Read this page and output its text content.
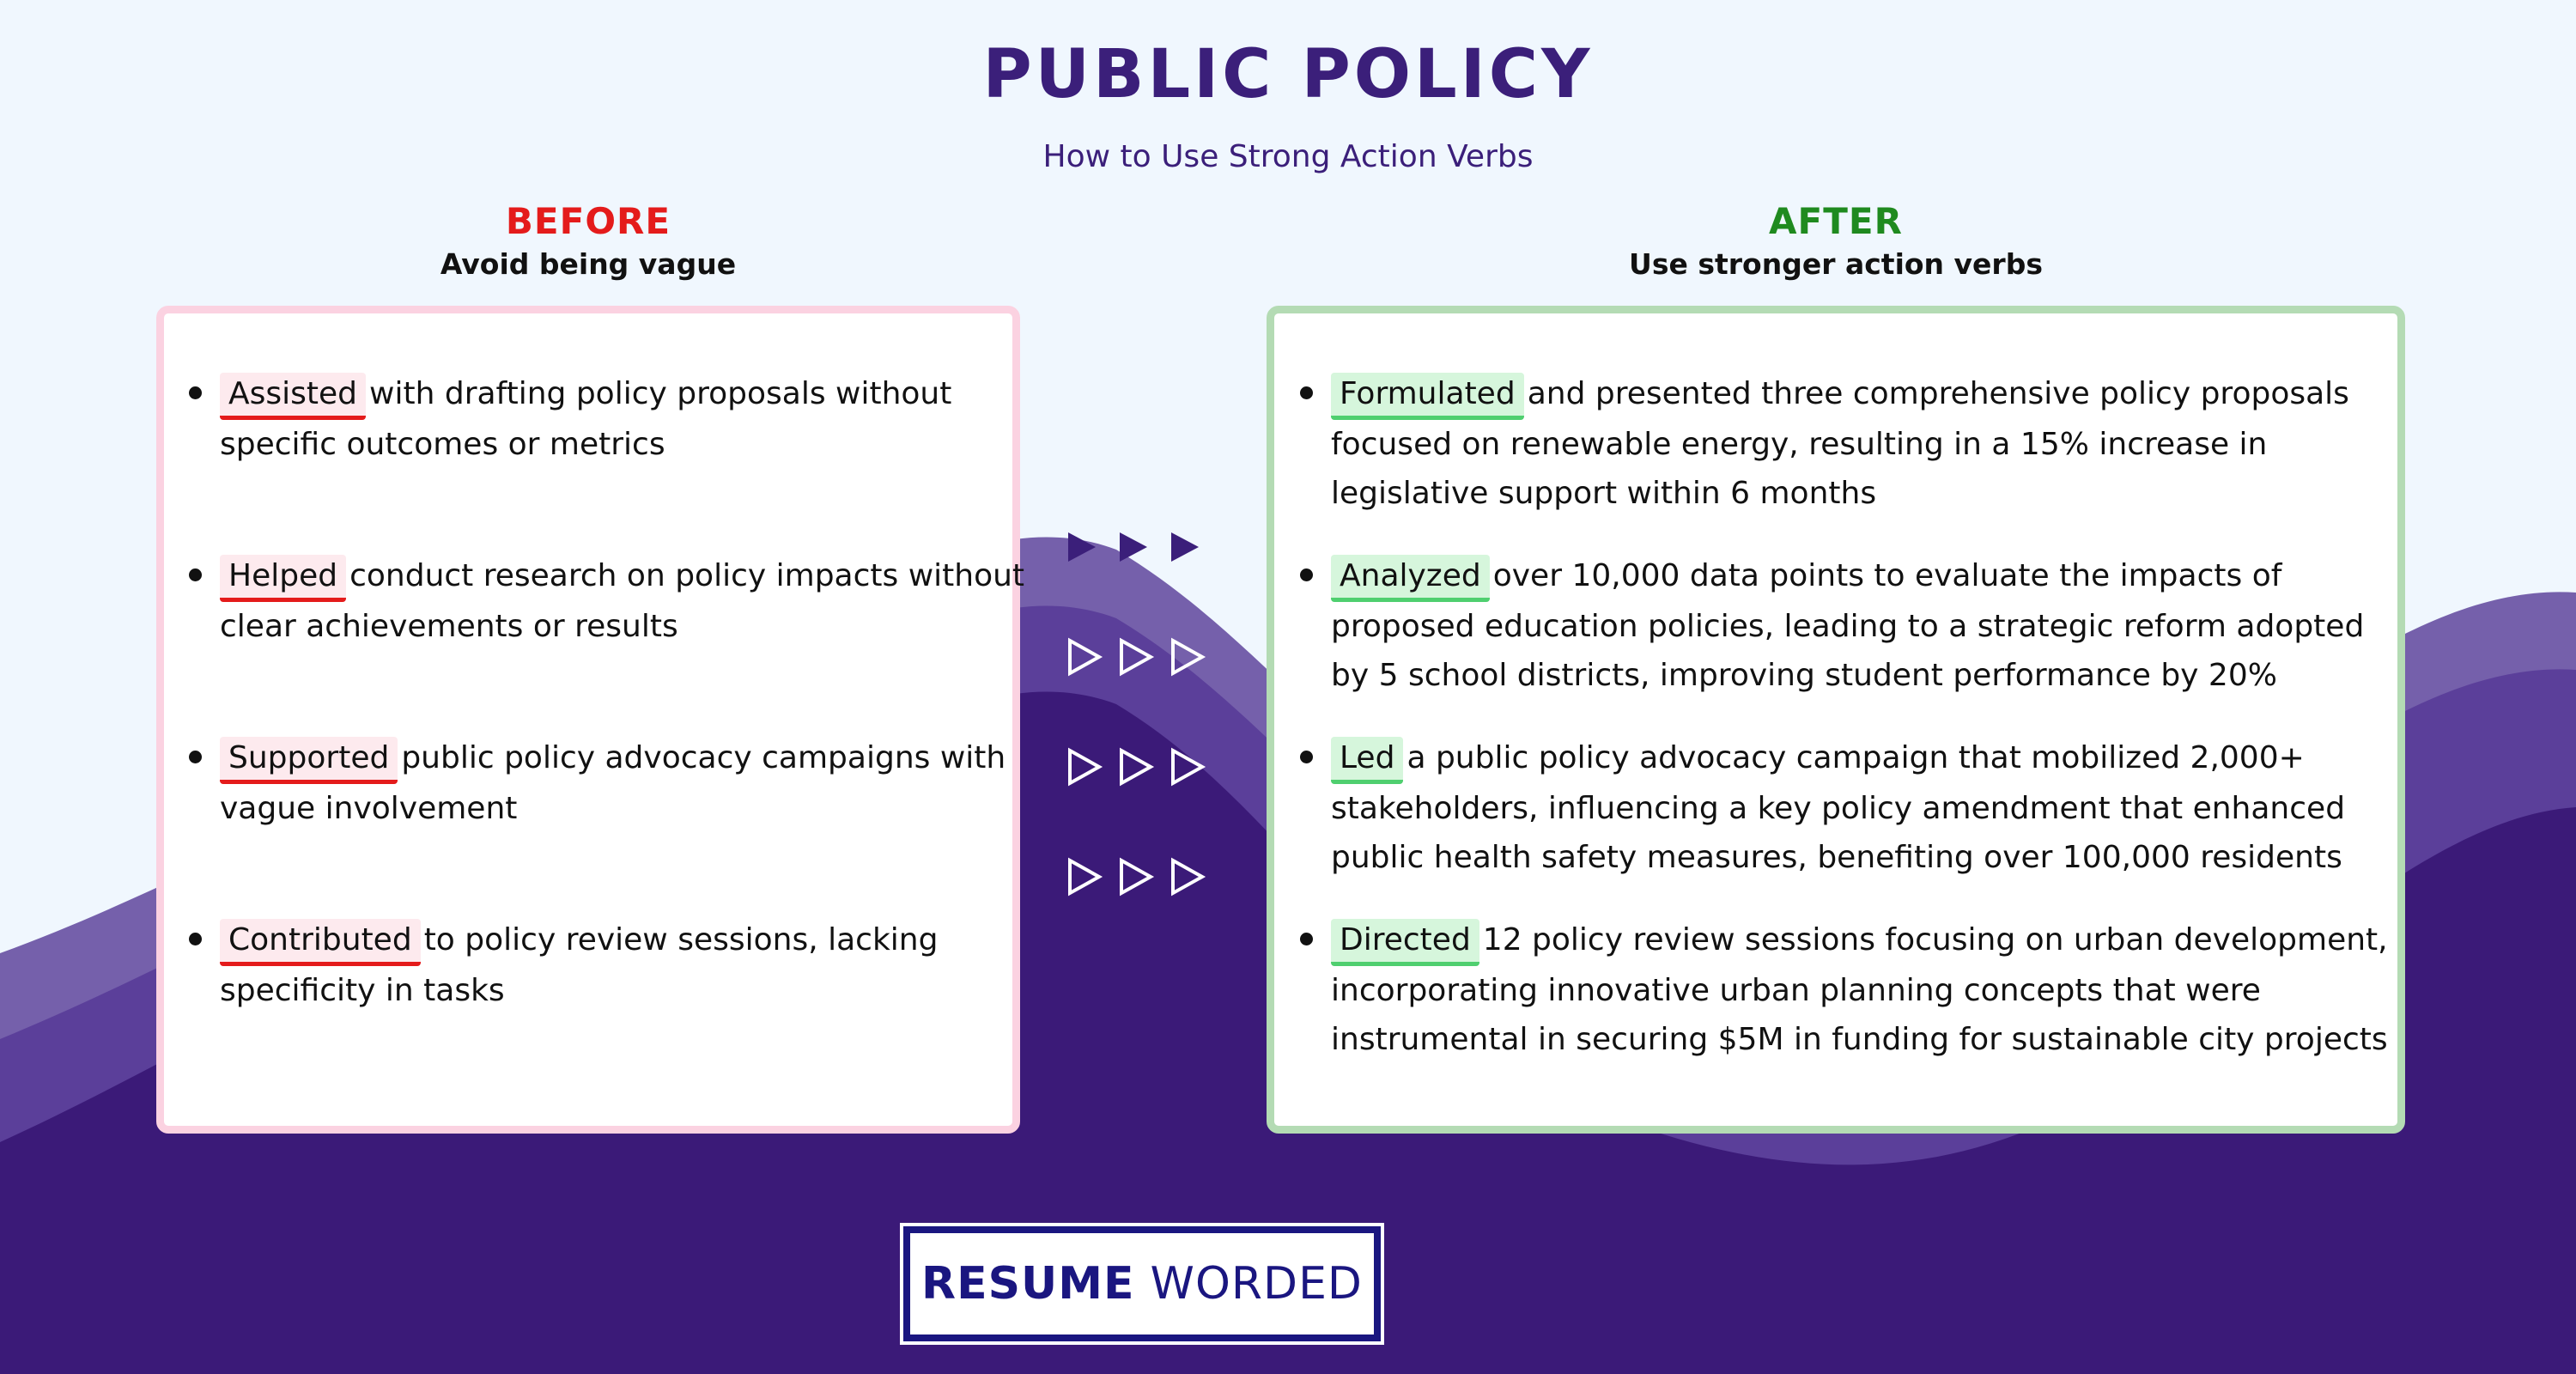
PUBLIC POLICY
How to Use Strong Action Verbs
BEFORE
Avoid being vague
AFTER
Use stronger action verbs
Assisted with drafting policy proposals without
specific outcomes or metrics
Helped conduct research on policy impacts without
clear achievements or results
Supported public policy advocacy campaigns with
vague involvement
Contributed to policy review sessions, lacking
specificity in tasks
Formulated and presented three comprehensive policy proposals
focused on renewable energy, resulting in a 15% increase in
legislative support within 6 months
Analyzed over 10,000 data points to evaluate the impacts of
proposed education policies, leading to a strategic reform adopted
by 5 school districts, improving student performance by 20%
Led a public policy advocacy campaign that mobilized 2,000+
stakeholders, influencing a key policy amendment that enhanced
public health safety measures, benefiting over 100,000 residents
Directed 12 policy review sessions focusing on urban development,
incorporating innovative urban planning concepts that were
instrumental in securing $5M in funding for sustainable city projects
RESUME WORDED
